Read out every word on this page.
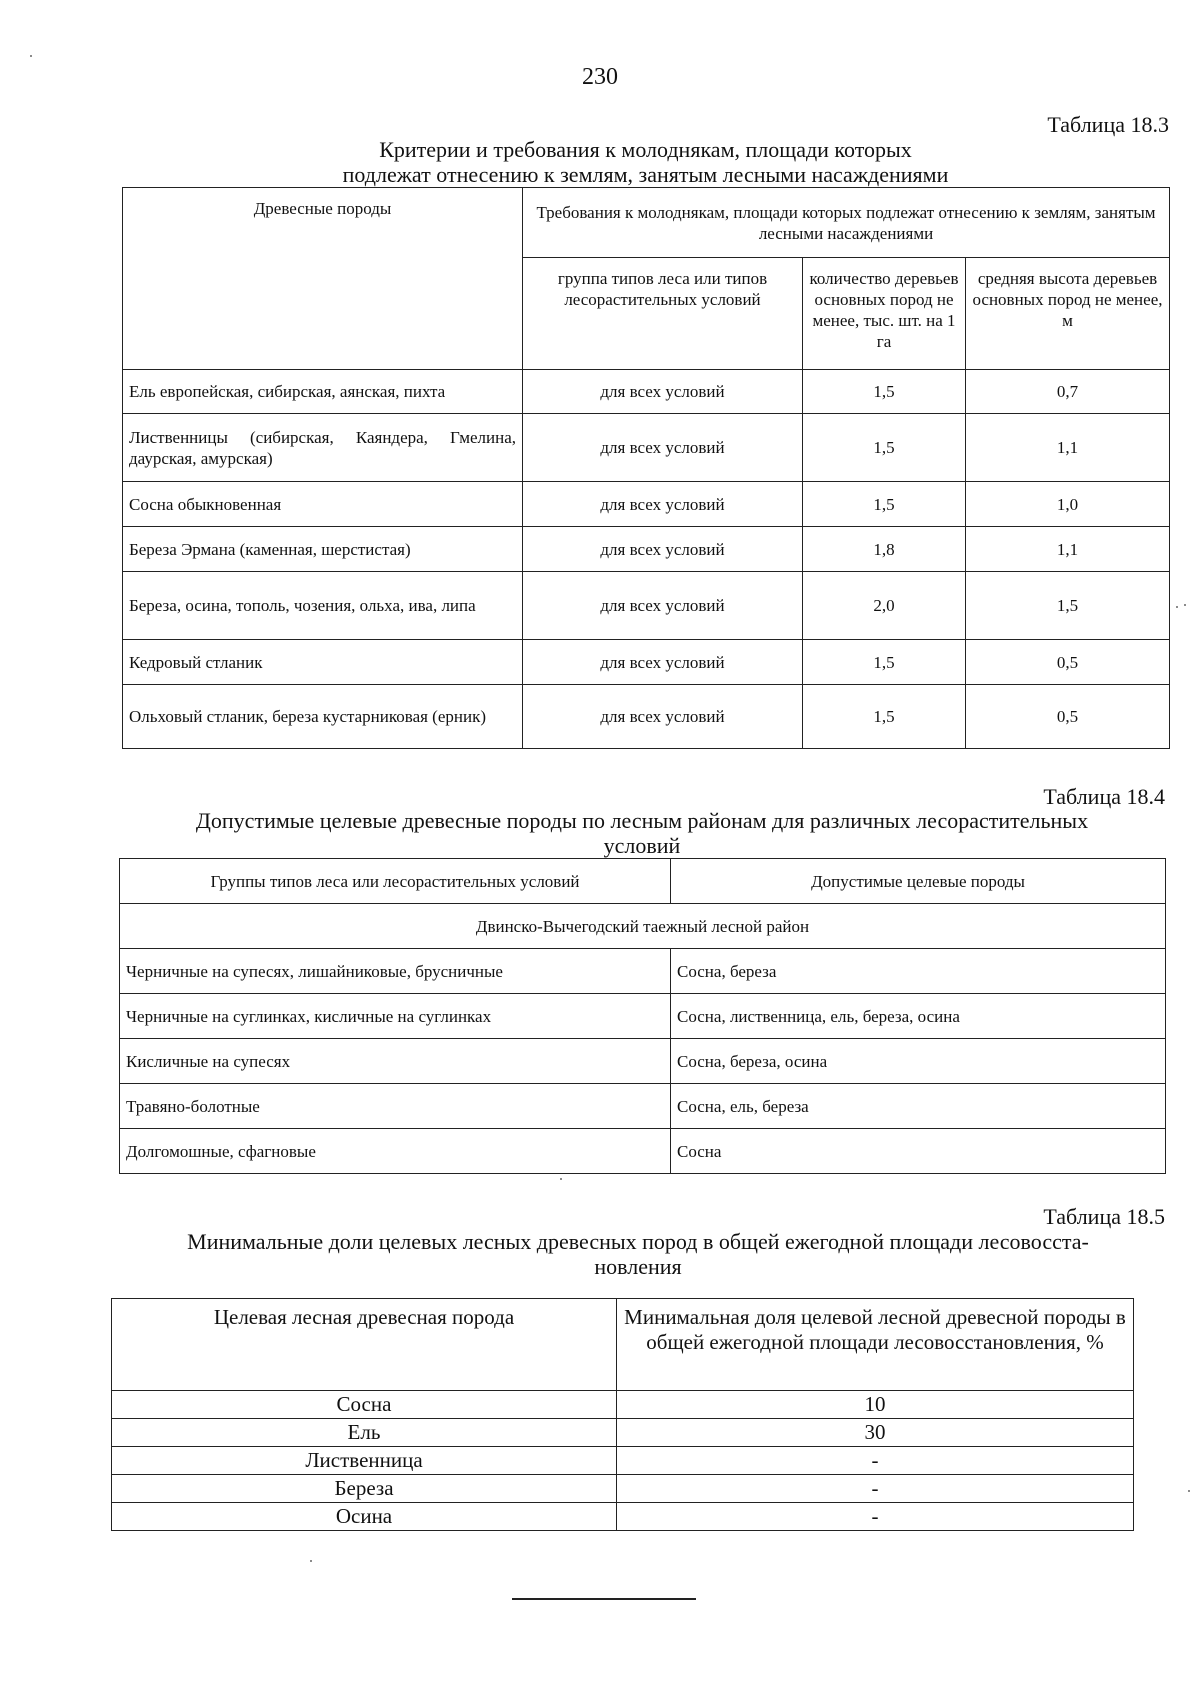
230
Таблица 18.3
Критерии и требования к молоднякам, площади которых
подлежат отнесению к землям, занятым лесными насаждениями
Древесные породы	Требования к молоднякам, площади которых подлежат отнесению к землям, занятым лесными насаждениями		
	группа типов леса или типов лесорастительных условий	количество деревьев основных пород не менее, тыс. шт. на 1 га	средняя высота деревьев основных пород не менее, м
Ель европейская, сибирская, аянская, пихта	для всех условий	1,5	0,7
Лиственницы (сибирская, Каяндера, Гмелина, даурская, амурская)	для всех условий	1,5	1,1
Сосна обыкновенная	для всех условий	1,5	1,0
Береза Эрмана (каменная, шерстистая)	для всех условий	1,8	1,1
Береза, осина, тополь, чозения, ольха, ива, липа	для всех условий	2,0	1,5
Кедровый стланик	для всех условий	1,5	0,5
Ольховый стланик, береза кустарниковая (ерник)	для всех условий	1,5	0,5
Таблица 18.4
Допустимые целевые древесные породы по лесным районам для различных лесорастительных
условий
Группы типов леса или лесорастительных условий	Допустимые целевые породы
Двинско-Вычегодский таежный лесной район	
Черничные на супесях, лишайниковые, брусничные	Сосна, береза
Черничные на суглинках, кисличные на суглинках	Сосна, лиственница, ель, береза, осина
Кисличные на супесях	Сосна, береза, осина
Травяно-болотные	Сосна, ель, береза
Долгомошные, сфагновые	Сосна
Таблица 18.5
Минимальные доли целевых лесных древесных пород в общей ежегодной площади лесовосста-
новления
Целевая лесная древесная порода	Минимальная доля целевой лесной древесной породы в общей ежегодной площади лесовосстановления, %
Сосна	10
Ель	30
Лиственница	-
Береза	-
Осина	-
